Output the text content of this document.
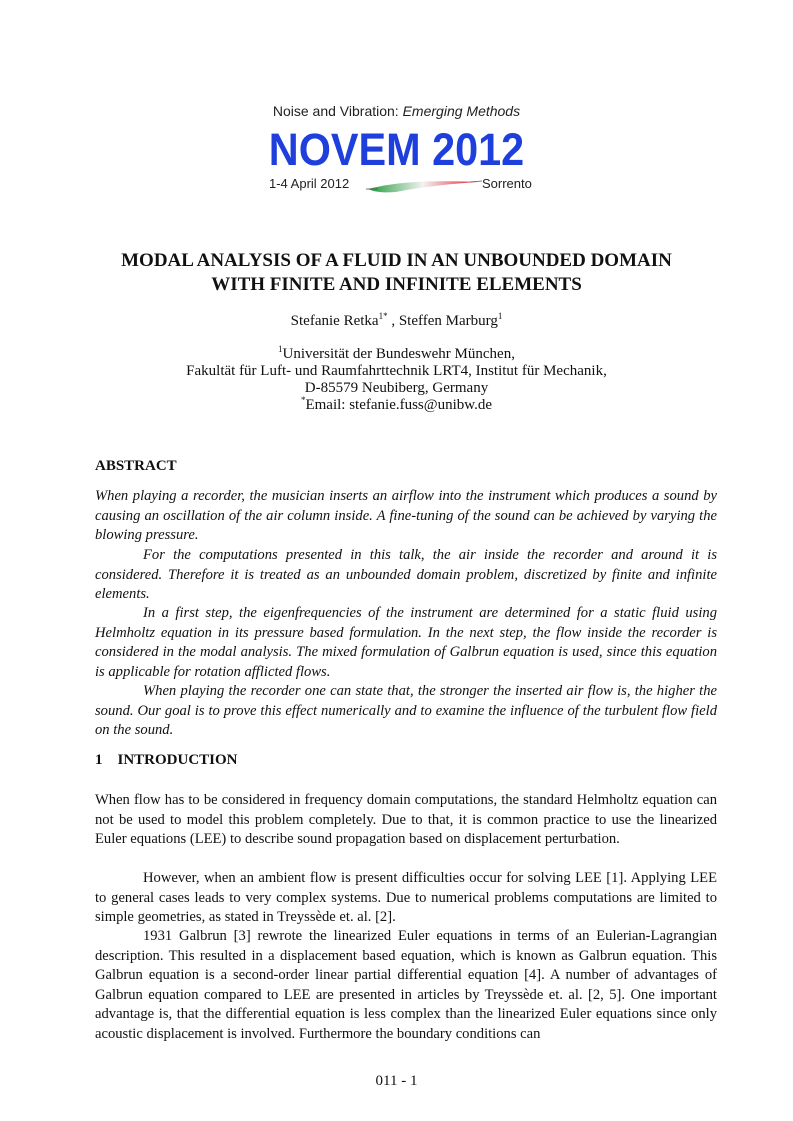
Noise and Vibration: Emerging Methods
NOVEM 2012
1-4 April 2012	Sorrento
MODAL ANALYSIS OF A FLUID IN AN UNBOUNDED DOMAIN
WITH FINITE AND INFINITE ELEMENTS
Stefanie Retka$^{1*}$ , Steffen Marburg$^1$
$^1$Universität der Bundeswehr München,
Fakultät für Luft- und Raumfahrttechnik LRT4, Institut für Mechanik,
D-85579 Neubiberg, Germany
*Email: stefanie.fuss@unibw.de
ABSTRACT

When playing a recorder, the musician inserts an airflow into the instrument which produces a sound by causing an oscillation of the air column inside. A fine-tuning of the sound can be achieved by varying the blowing pressure.

For the computations presented in this talk, the air inside the recorder and around it is considered. Therefore it is treated as an unbounded domain problem, discretized by finite and infinite elements.

In a first step, the eigenfrequencies of the instrument are determined for a static fluid using Helmholtz equation in its pressure based formulation. In the next step, the flow inside the recorder is considered in the modal analysis. The mixed formulation of Galbrun equation is used, since this equation is applicable for rotation afflicted flows.

When playing the recorder one can state that, the stronger the inserted air flow is, the higher the sound. Our goal is to prove this effect numerically and to examine the influence of the turbulent flow field on the sound.

1    INTRODUCTION

When flow has to be considered in frequency domain computations, the standard Helmholtz equation can not be used to model this problem completely. Due to that, it is common practice to use the linearized Euler equations (LEE) to describe sound propagation based on displacement perturbation.

However, when an ambient flow is present difficulties occur for solving LEE [1]. Applying LEE to general cases leads to very complex systems. Due to numerical problems computations are limited to simple geometries, as stated in Treyssède et. al. [2].

1931 Galbrun [3] rewrote the linearized Euler equations in terms of an Eulerian-Lagrangian description. This resulted in a displacement based equation, which is known as Galbrun equation. This Galbrun equation is a second-order linear partial differential equation [4]. A number of advantages of Galbrun equation compared to LEE are presented in articles by Treyssède et. al. [2, 5]. One important advantage is, that the differential equation is less complex than the linearized Euler equations since only acoustic displacement is involved. Furthermore the boundary conditions can

011 - 1
